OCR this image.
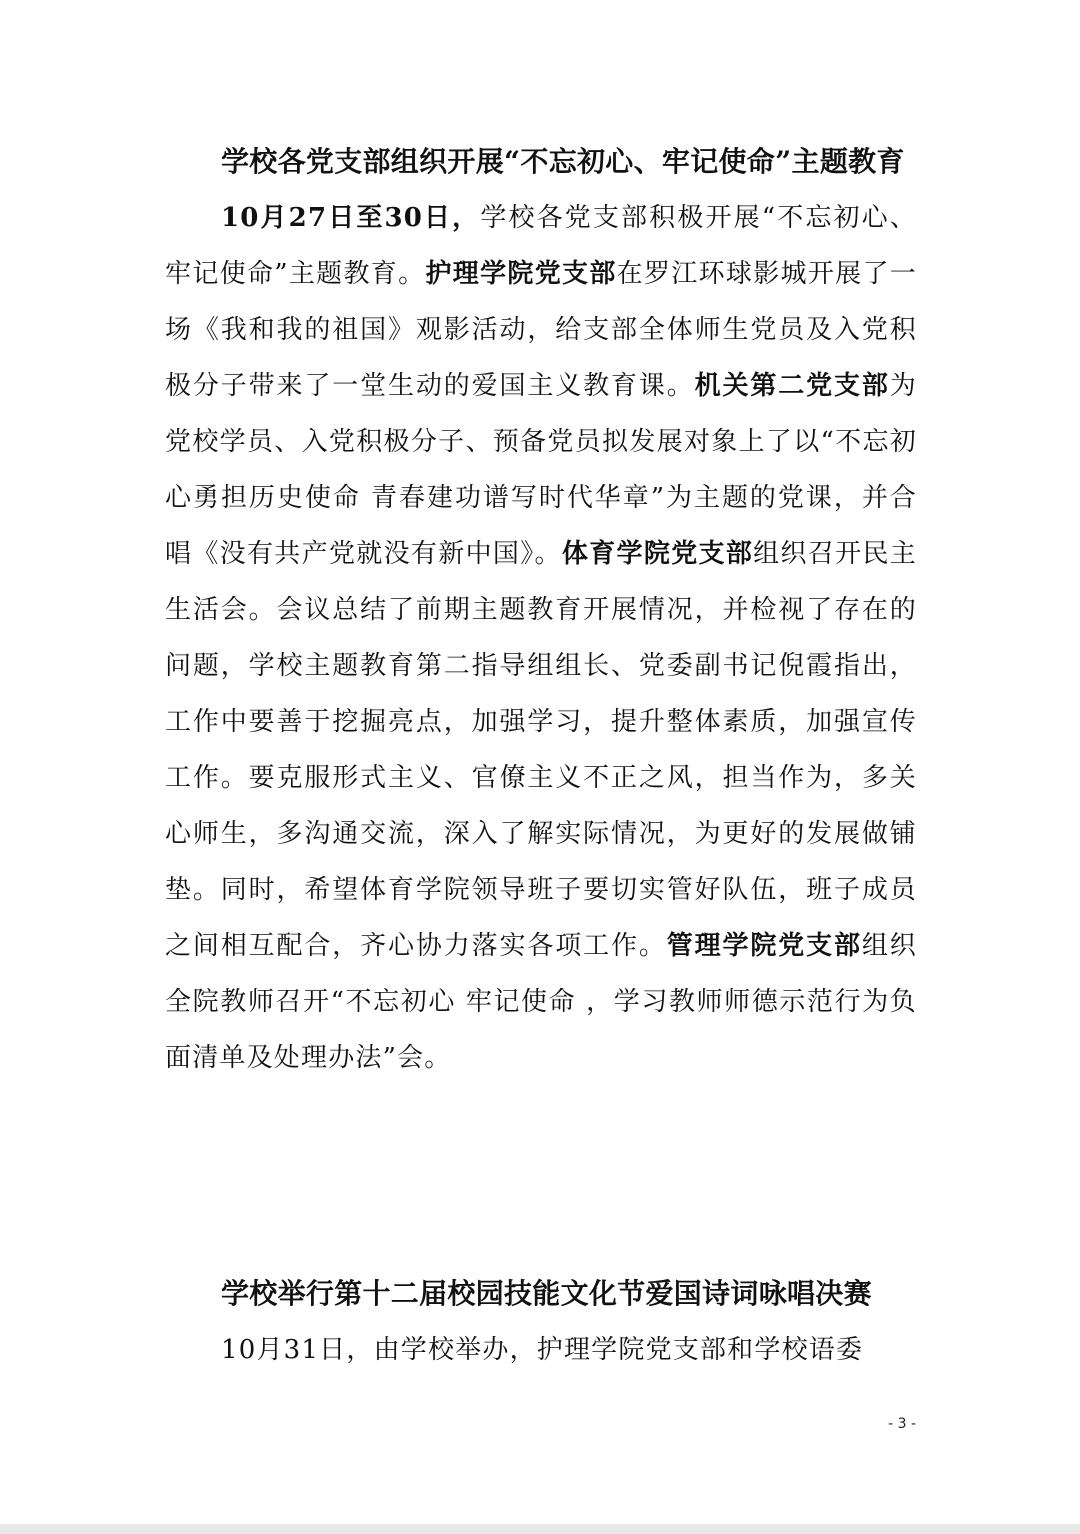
学校各党支部组织开展“不忘初心、牢记使命”主题教育

10月27日至30日，学校各党支部积极开展“不忘初心、牢记使命”主题教育。护理学院党支部在罗江环球影城开展了一场《我和我的祖国》观影活动，给支部全体师生党员及入党积极分子带来了一堂生动的爱国主义教育课。机关第二党支部为党校学员、入党积极分子、预备党员拟发展对象上了以“不忘初心勇担历史使命 青春建功谱写时代华章”为主题的党课，并合唱《没有共产党就没有新中国》。体育学院党支部组织召开民主生活会。会议总结了前期主题教育开展情况，并检视了存在的问题，学校主题教育第二指导组组长、党委副书记倪霞指出，工作中要善于挖掘亮点，加强学习，提升整体素质，加强宣传工作。要克服形式主义、官僚主义不正之风，担当作为，多关心师生，多沟通交流，深入了解实际情况，为更好的发展做铺垫。同时，希望体育学院领导班子要切实管好队伍，班子成员之间相互配合，齐心协力落实各项工作。管理学院党支部组织全院教师召开“不忘初心 牢记使命 ，学习教师师德示范行为负面清单及处理办法”会。

学校举行第十二届校园技能文化节爱国诗词咏唱决赛

10月31日，由学校举办，护理学院党支部和学校语委

- 3 -
